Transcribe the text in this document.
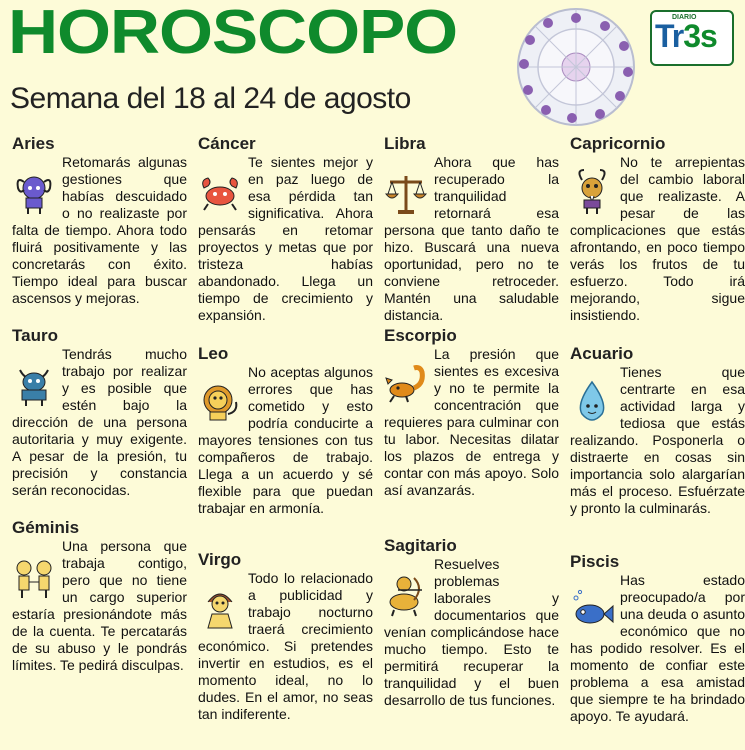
HOROSCOPO
Semana del 18 al 24 de agosto
DIARIO
Tr3s
Aries

Retomarás algunas gestiones que habías descuidado o no realizaste por falta de tiempo. Ahora todo fluirá positivamente y las concretarás con éxito. Tiempo ideal para buscar ascensos y mejoras.

Tauro

Tendrás mucho trabajo por realizar y es posible que estén bajo la dirección de una persona autoritaria y muy exigente. A pesar de la presión, tu precisión y constancia serán reconocidas.

Géminis

Una persona que trabaja contigo, pero que no tiene un cargo superior estaría presionándote más de la cuenta. Te percatarás de su abuso y le pondrás límites. Te pedirá disculpas.

Cáncer

Te sientes mejor y en paz luego de esa pérdida tan significativa. Ahora pensarás en retomar proyectos y metas que por tristeza habías abandonado. Llega un tiempo de crecimiento y expansión.

Leo

No aceptas algunos errores que has cometido y esto podría conducirte a mayores tensiones con tus compañeros de trabajo. Llega a un acuerdo y sé flexible para que puedan trabajar en armonía.

Virgo

Todo lo relacionado a publicidad y trabajo nocturno traerá crecimiento económico. Si pretendes invertir en estudios, es el momento ideal, no lo dudes. En el amor, no seas tan indiferente.

Libra

Ahora que has recuperado la tranquilidad retornará esa persona que tanto daño te hizo. Buscará una nueva oportunidad, pero no te conviene retroceder. Mantén una saludable distancia.

Escorpio

La presión que sientes es excesiva y no te permite la concentración que requieres para culminar con tu labor. Necesitas dilatar los plazos de entrega y contar con más apoyo. Solo así avanzarás.

Sagitario

Resuelves problemas laborales y documentarios que venían complicándose hace mucho tiempo. Esto te permitirá recuperar la tranquilidad y el buen desarrollo de tus funciones.

Capricornio

No te arrepientas del cambio laboral que realizaste. A pesar de las complicaciones que estás afrontando, en poco tiempo verás los frutos de tu esfuerzo. Todo irá mejorando, sigue insistiendo.

Acuario

Tienes que centrarte en esa actividad larga y tediosa que estás realizando. Posponerla o distraerte en cosas sin importancia solo alargarían más el proceso. Esfuérzate y pronto la culminarás.

Piscis

Has estado preocupado/a por una deuda o asunto económico que no has podido resolver. Es el momento de confiar este problema a esa amistad que siempre te ha brindado apoyo. Te ayudará.
